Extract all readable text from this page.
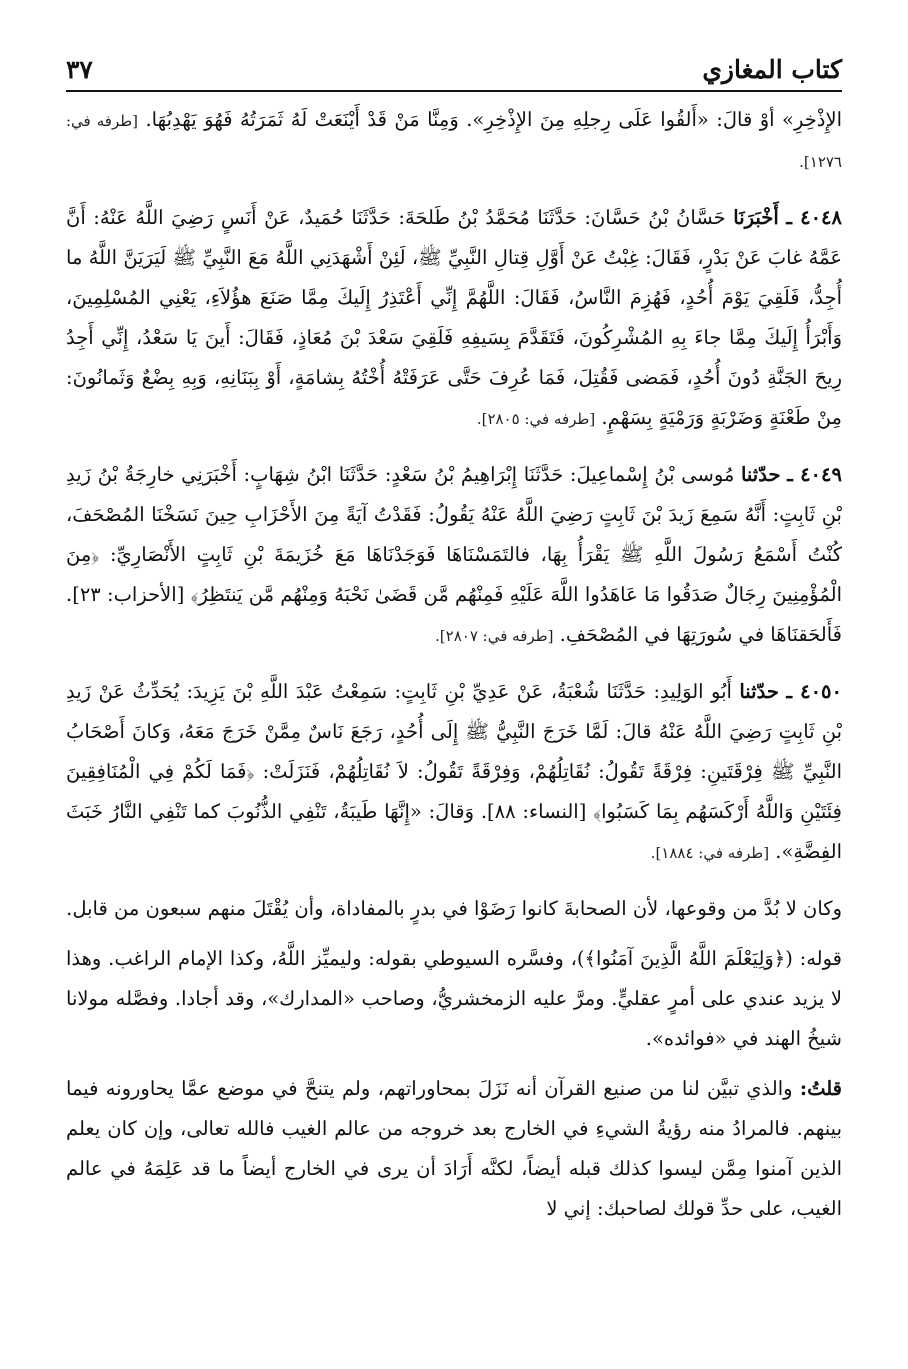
كتاب المغازي
٣٧

الإِذْخِرِ» أوْ قالَ: «أَلقُوا عَلَى رِجلِهِ مِنَ الإِذْخِرِ». وَمِنَّا مَنْ قَدْ أَيْنَعَتْ لَهُ ثَمَرَتُهُ فَهُوَ يَهْدِبُهَا. [طرفه في: ١٢٧٦].

٤٠٤٨ ـ أَخْبَرَنَا حَسَّانُ بْنُ حَسَّانَ: حَدَّثَنَا مُحَمَّدُ بْنُ طَلحَةَ: حَدَّثَنَا حُمَيدٌ، عَنْ أَنَسٍ رَضِيَ اللَّهُ عَنْهُ: أَنَّ عَمَّهُ غابَ عَنْ بَدْرٍ، فَقَالَ: غِبْتُ عَنْ أَوَّلِ قِتالِ النَّبِيِّ ﷺ، لَئِنْ أَشْهَدَنِي اللَّهُ مَعَ النَّبِيِّ ﷺ لَيَرَيَنَّ اللَّهُ ما أُجِدُّ، فَلَقِيَ يَوْمَ أُحُدٍ، فَهُزِمَ النَّاسُ، فَقَالَ: اللَّهُمَّ إِنِّي أَعْتَذِرُ إِلَيكَ مِمَّا صَنَعَ هؤُلاَءِ، يَعْنِي المُسْلِمِينَ، وَأَبْرَأُ إِلَيكَ مِمَّا جاءَ بِهِ المُشْرِكُونَ، فَتَقَدَّمَ بِسَيفِهِ فَلَقِيَ سَعْدَ بْنَ مُعَاذٍ، فَقَالَ: أَينَ يَا سَعْدُ، إِنِّي أَجِدُ رِيحَ الجَنَّةِ دُونَ أُحُدٍ، فَمَضى فَقُتِلَ، فَمَا عُرِفَ حَتَّى عَرَفَتْهُ أُخْتُهُ بِشامَةٍ، أَوْ بِبَنَانِهِ، وَبِهِ بِضْعٌ وَثَمانُونَ: مِنْ طَعْنَةٍ وَضَرْبَةٍ وَرَمْيَةٍ بِسَهْمٍ. [طرفه في: ٢٨٠٥].

٤٠٤٩ ـ حدّثنا مُوسى بْنُ إِسْماعِيلَ: حَدَّثَنَا إِبْرَاهِيمُ بْنُ سَعْدٍ: حَدَّثَنَا ابْنُ شِهَابٍ: أَخْبَرَنِي خارِجَةُ بْنُ زَيدِ بْنِ ثَابِتٍ: أَنَّهُ سَمِعَ زَيدَ بْنَ ثَابِتٍ رَضِيَ اللَّهُ عَنْهُ يَقُولُ: فَقَدْتُ آيَةً مِنَ الأَحْزَابِ حِينَ نَسَخْنَا المُصْحَفَ، كُنْتُ أَسْمَعُ رَسُولَ اللَّهِ ﷺ يَقْرَأُ بِهَا، فالتَمَسْنَاهَا فَوَجَدْنَاهَا مَعَ خُزَيمَةَ بْنِ ثَابِتٍ الأَنْصَارِيِّ: ﴿مِنَ الْمُؤْمِنِينَ رِجَالٌ صَدَقُوا مَا عَاهَدُوا اللَّهَ عَلَيْهِ فَمِنْهُم مَّن قَضَىٰ نَحْبَهُ وَمِنْهُم مَّن يَنتَظِرُ﴾ [الأحزاب: ٢٣]. فَأَلحَقنَاهَا في سُورَتِهَا في المُصْحَفِ. [طرفه في: ٢٨٠٧].

٤٠٥٠ ـ حدّثنا أَبُو الوَلِيدِ: حَدَّثَنَا شُعْبَةُ، عَنْ عَدِيِّ بْنِ ثَابِتٍ: سَمِعْتُ عَبْدَ اللَّهِ بْنَ يَزِيدَ: يُحَدِّثُ عَنْ زَيدِ بْنِ ثَابِتٍ رَضِيَ اللَّهُ عَنْهُ قالَ: لَمَّا خَرَجَ النَّبِيُّ ﷺ إِلَى أُحُدٍ، رَجَعَ نَاسٌ مِمَّنْ خَرَجَ مَعَهُ، وَكانَ أَصْحَابُ النَّبِيِّ ﷺ فِرْقَتَينِ: فِرْقَةً تَقُولُ: نُقَاتِلُهُمْ، وَفِرْقَةً تَقُولُ: لاَ نُقَاتِلُهُمْ، فَنَزَلَتْ: ﴿فَمَا لَكُمْ فِي الْمُنَافِقِينَ فِئَتَيْنِ وَاللَّهُ أَرْكَسَهُم بِمَا كَسَبُوا﴾ [النساء: ٨٨]. وَقالَ: «إِنَّهَا طَيبَةُ، تَنْفِي الذُّنُوبَ كما تَنْفِي النَّارُ خَبَثَ الفِضَّةِ». [طرفه في: ١٨٨٤].

وكان لا بُدَّ من وقوعها، لأن الصحابةَ كانوا رَضَوْا في بدرٍ بالمفاداة، وأن يُقْتَلَ منهم سبعون من قابل.

قوله: (﴿وَلِيَعْلَمَ اللَّهُ الَّذِينَ آمَنُوا﴾)، وفسَّره السيوطي بقوله: وليميِّز اللَّهُ، وكذا الإمام الراغب. وهذا لا يزيد عندي على أمرٍ عقليٍّ. ومرَّ عليه الزمخشريُّ، وصاحب «المدارك»، وقد أجادا. وفصَّله مولانا شيخُ الهند في «فوائده».

قلتُ: والذي تبيَّن لنا من صنيع القرآن أنه نَزَلَ بمحاوراتهم، ولم يتنحَّ في موضع عمَّا يحاورونه فيما بينهم. فالمرادُ منه رؤيةُ الشيءِ في الخارج بعد خروجه من عالم الغيب فالله تعالى، وإن كان يعلم الذين آمنوا مِمَّن ليسوا كذلك قبله أيضاً، لكنَّه أَرَادَ أن يرى في الخارج أيضاً ما قد عَلِمَهُ في عالم الغيب، على حدِّ قولك لصاحبك: إني لا
